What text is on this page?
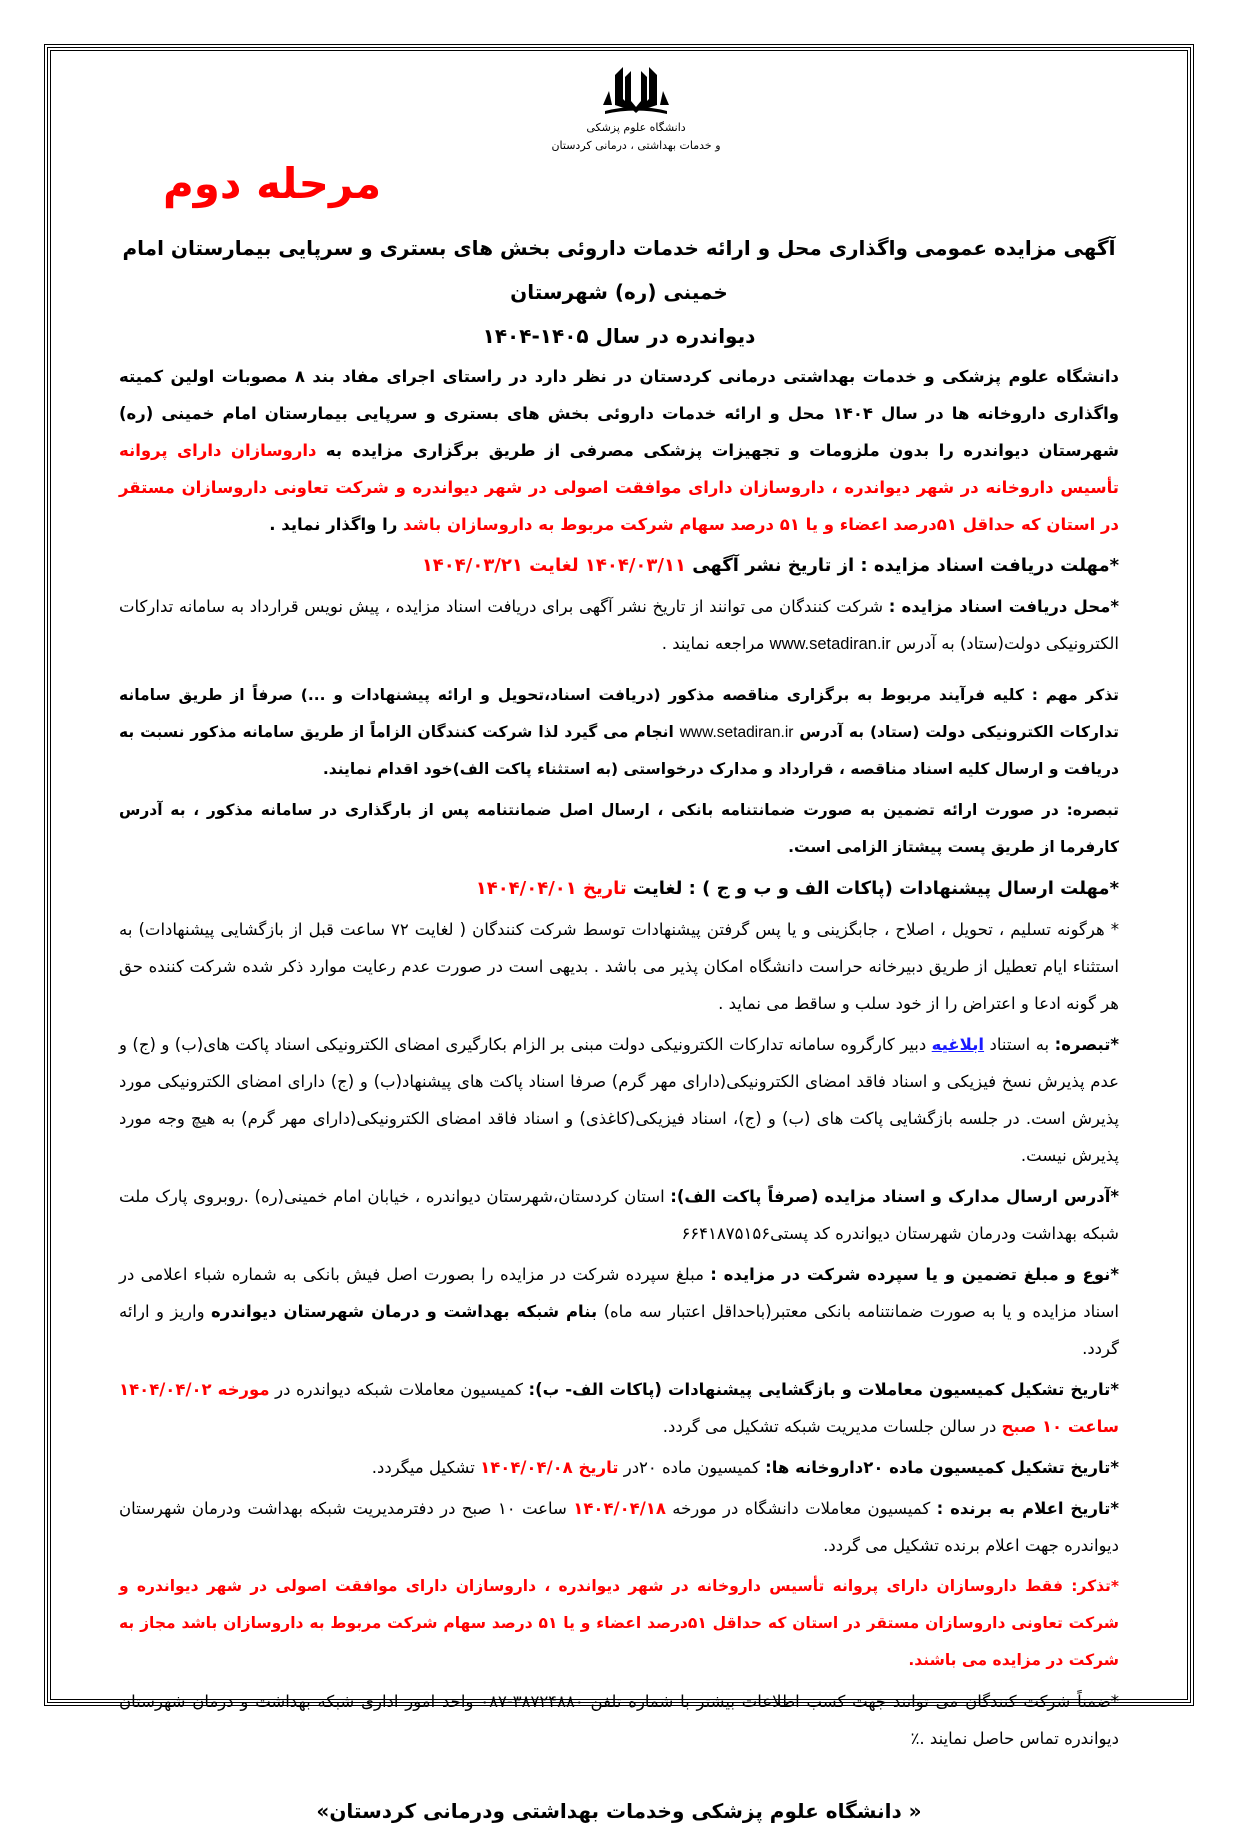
مرحله دوم
دانشگاه علوم پزشکی
و خدمات بهداشتی ، درمانی کردستان
آگهی مزایده عمومی واگذاری محل و ارائه خدمات داروئی بخش های بستری و سرپایی بیمارستان امام خمینی (ره) شهرستان
دیواندره در سال ۱۴۰۵-۱۴۰۴

دانشگاه علوم پزشکی و خدمات بهداشتی درمانی کردستان در نظر دارد در راستای اجرای مفاد بند ۸ مصوبات اولین کمیته واگذاری داروخانه ها در سال ۱۴۰۴ محل و ارائه خدمات داروئی بخش های بستری و سرپایی بیمارستان امام خمینی (ره) شهرستان دیواندره را بدون ملزومات و تجهیزات پزشکی مصرفی از طریق برگزاری مزایده به داروسازان دارای پروانه تأسیس داروخانه در شهر دیواندره ، داروسازان دارای موافقت اصولی در شهر دیواندره و شرکت تعاونی داروسازان مستقر در استان که حداقل ۵۱درصد اعضاء و یا ۵۱ درصد سهام شرکت مربوط به داروسازان باشد را واگذار نماید .

*مهلت دریافت اسناد مزایده : از تاریخ نشر آگهی ۱۴۰۴/۰۳/۱۱ لغایت ۱۴۰۴/۰۳/۲۱

*محل دریافت اسناد مزایده : شرکت کنندگان می توانند از تاریخ نشر آگهی برای دریافت اسناد مزایده ، پیش نویس قرارداد به سامانه تدارکات الکترونیکی دولت(ستاد) به آدرس www.setadiran.ir مراجعه نمایند .

تذکر مهم : کلیه فرآیند مربوط به برگزاری مناقصه مذکور (دریافت اسناد،تحویل و ارائه پیشنهادات و ...) صرفاً از طریق سامانه تدارکات الکترونیکی دولت (ستاد) به آدرس www.setadiran.ir انجام می گیرد لذا شرکت کنندگان الزاماً از طریق سامانه مذکور نسبت به دریافت و ارسال کلیه اسناد مناقصه ، قرارداد و مدارک درخواستی (به استثناء پاکت الف)خود اقدام نمایند.

تبصره: در صورت ارائه تضمین به صورت ضمانتنامه بانکی ، ارسال اصل ضمانتنامه پس از بارگذاری در سامانه مذکور ، به آدرس کارفرما از طریق پست پیشتاز الزامی است.

*مهلت ارسال پیشنهادات (پاکات الف و ب و ج ) : لغایت تاریخ ۱۴۰۴/۰۴/۰۱

* هرگونه تسلیم ، تحویل ، اصلاح ، جابگزینی و یا پس گرفتن پیشنهادات توسط شرکت کنندگان ( لغایت ۷۲ ساعت قبل از بازگشایی پیشنهادات) به استثناء ایام تعطیل از طریق دبیرخانه حراست دانشگاه امکان پذیر می باشد . بدیهی است در صورت عدم رعایت موارد ذکر شده شرکت کننده حق هر گونه ادعا و اعتراض را از خود سلب و ساقط می نماید .

*تبصره: به استناد ابلاغیه دبیر کارگروه سامانه تدارکات الکترونیکی دولت مبنی بر الزام بکارگیری امضای الکترونیکی اسناد پاکت های(ب) و (ج) و عدم پذیرش نسخ فیزیکی و اسناد فاقد امضای الکترونیکی(دارای مهر گرم) صرفا اسناد پاکت های پیشنهاد(ب) و (ج) دارای امضای الکترونیکی مورد پذیرش است. در جلسه بازگشایی پاکت های (ب) و (ج)، اسناد فیزیکی(کاغذی) و اسناد فاقد امضای الکترونیکی(دارای مهر گرم) به هیچ وجه مورد پذیرش نیست.

*آدرس ارسال مدارک و اسناد مزایده (صرفاً پاکت الف): استان کردستان،شهرستان دیواندره ، خیابان امام خمینی(ره) .روبروی پارک ملت شبکه بهداشت ودرمان شهرستان دیواندره کد پستی۶۶۴۱۸۷۵۱۵۶

*نوع و مبلغ تضمین و یا سپرده شرکت در مزایده : مبلغ سپرده شرکت در مزایده را بصورت اصل فیش بانکی به شماره شباء اعلامی در اسناد مزایده و یا به صورت ضمانتنامه بانکی معتبر(باحداقل اعتبار سه ماه) بنام شبکه بهداشت و درمان شهرستان دیواندره واریز و ارائه گردد.

*تاریخ تشکیل کمیسیون معاملات و بازگشایی پیشنهادات (پاکات الف- ب): کمیسیون معاملات شبکه دیواندره در مورخه ۱۴۰۴/۰۴/۰۲ ساعت ۱۰ صبح در سالن جلسات مدیریت شبکه تشکیل می گردد.

*تاریخ تشکیل کمیسیون ماده ۲۰داروخانه ها: کمیسیون ماده ۲۰در تاریخ ۱۴۰۴/۰۴/۰۸ تشکیل میگردد.

*تاریخ اعلام به برنده : کمیسیون معاملات دانشگاه در مورخه ۱۴۰۴/۰۴/۱۸ ساعت ۱۰ صبح در دفترمدیریت شبکه بهداشت ودرمان شهرستان دیواندره جهت اعلام برنده تشکیل می گردد.

*تذکر: فقط داروسازان دارای پروانه تأسیس داروخانه در شهر دیواندره ، داروسازان دارای موافقت اصولی در شهر دیواندره و شرکت تعاونی داروسازان مستقر در استان که حداقل ۵۱درصد اعضاء و یا ۵۱ درصد سهام شرکت مربوط به داروسازان باشد مجاز به شرکت در مزایده می باشند.

*ضمناً شرکت کنندگان می توانند جهت کسب اطلاعات بیشتر با شماره تلفن ۳۸۷۲۴۸۸۰-۰۸۷ واحد امور اداری شبکه بهداشت و درمان شهرستان دیواندره تماس حاصل نمایند .٪

« دانشگاه علوم پزشکی وخدمات بهداشتی ودرمانی کردستان»
